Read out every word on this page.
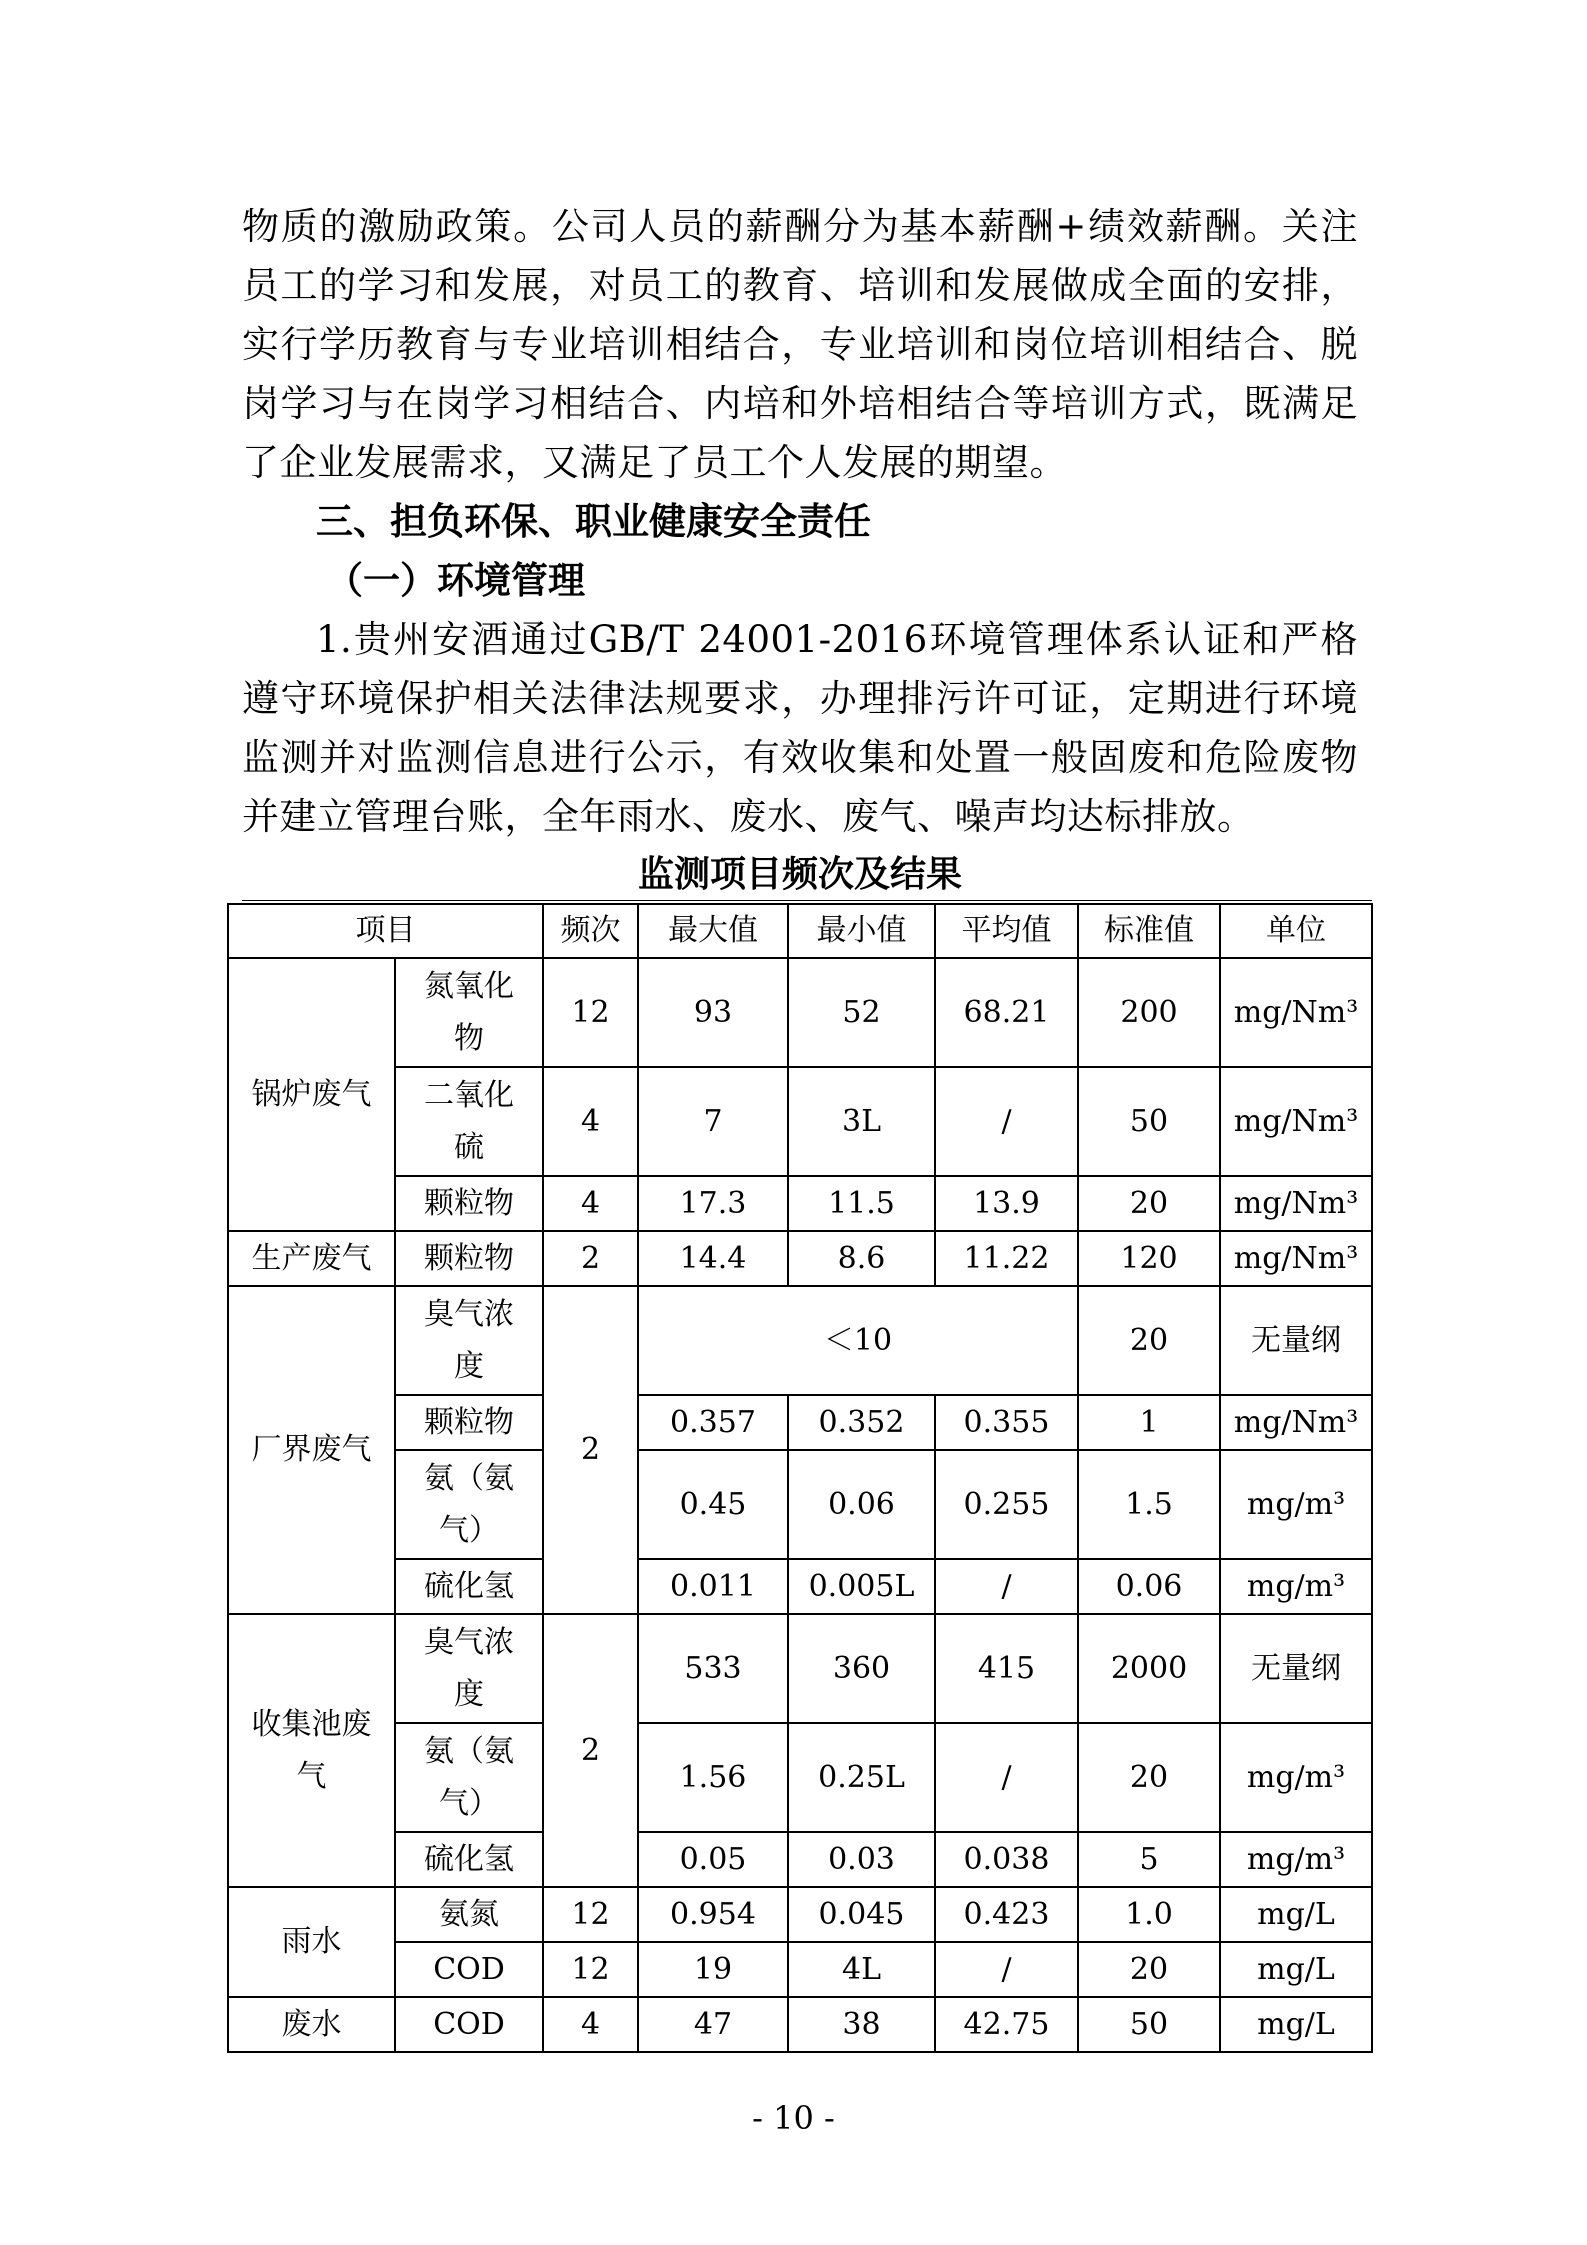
物质的激励政策。公司人员的薪酬分为基本薪酬+绩效薪酬。关注员工的学习和发展，对员工的教育、培训和发展做成全面的安排，实行学历教育与专业培训相结合，专业培训和岗位培训相结合、脱岗学习与在岗学习相结合、内培和外培相结合等培训方式，既满足了企业发展需求，又满足了员工个人发展的期望。

三、担负环保、职业健康安全责任

（一）环境管理

1.贵州安酒通过GB/T 24001-2016环境管理体系认证和严格遵守环境保护相关法律法规要求，办理排污许可证，定期进行环境监测并对监测信息进行公示，有效收集和处置一般固废和危险废物并建立管理台账，全年雨水、废水、废气、噪声均达标排放。

监测项目频次及结果
项目		频次	最大值	最小值	平均值	标准值	单位
锅炉废气	氮氧化物	12	93	52	68.21	200	mg/Nm³
	二氧化硫	4	7	3L	/	50	mg/Nm³
	颗粒物	4	17.3	11.5	13.9	20	mg/Nm³
生产废气	颗粒物	2	14.4	8.6	11.22	120	mg/Nm³
厂界废气	臭气浓度	2	＜10			20	无量纲
	颗粒物		0.357	0.352	0.355	1	mg/Nm³
	氨（氨气）		0.45	0.06	0.255	1.5	mg/m³
	硫化氢		0.011	0.005L	/	0.06	mg/m³
收集池废气	臭气浓度	2	533	360	415	2000	无量纲
	氨（氨气）		1.56	0.25L	/	20	mg/m³
	硫化氢		0.05	0.03	0.038	5	mg/m³
雨水	氨氮	12	0.954	0.045	0.423	1.0	mg/L
	COD	12	19	4L	/	20	mg/L
废水	COD	4	47	38	42.75	50	mg/L
- 10 -
